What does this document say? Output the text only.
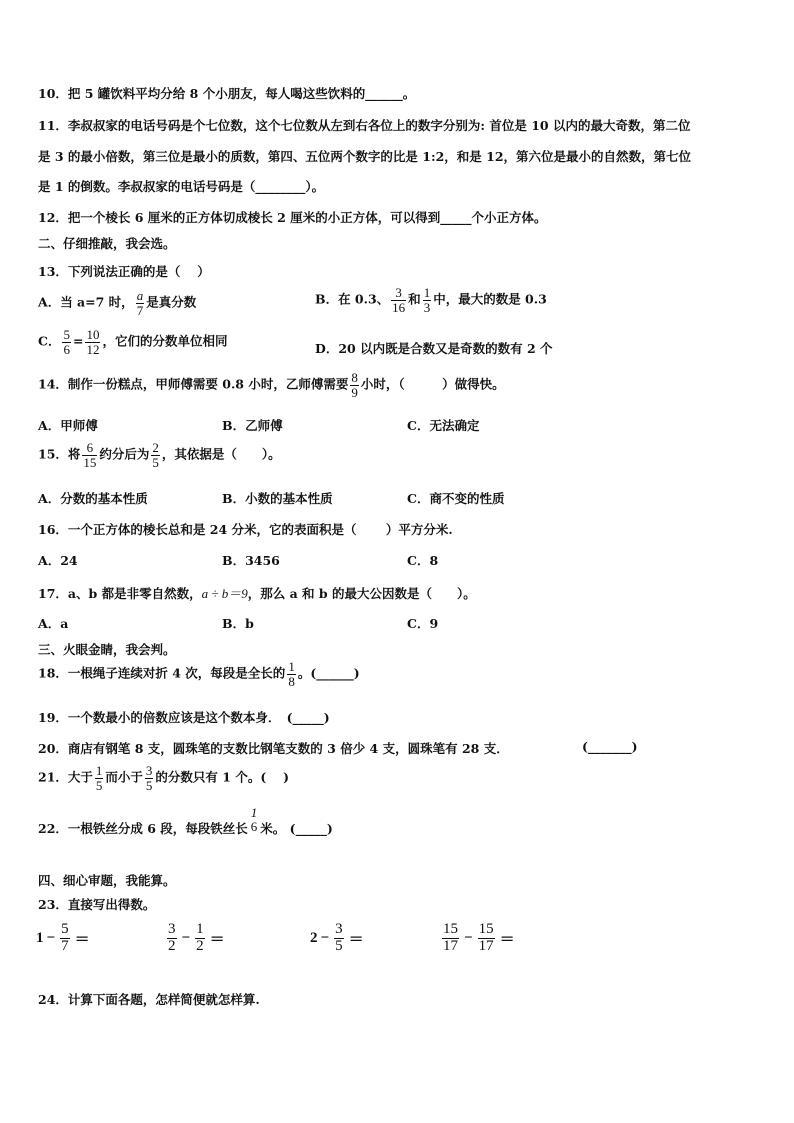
10．把 5 罐饮料平均分给 8 个小朋友，每人喝这些饮料的______。
11．李叔叔家的电话号码是个七位数，这个七位数从左到右各位上的数字分别为: 首位是 10 以内的最大奇数，第二位
是 3 的最小倍数，第三位是最小的质数，第四、五位两个数字的比是 1:2，和是 12，第六位是最小的自然数，第七位
是 1 的倒数。李叔叔家的电话号码是（________）。
12．把一个棱长 6 厘米的正方体切成棱长 2 厘米的小正方体，可以得到_____个小正方体。
二、仔细推敲，我会选。
13．下列说法正确的是（　 ）
A．当 a=7 时， $\frac{a}{7}$ 是真分数	B．在 0.3、 $\frac{3}{16}$ 和 $\frac{1}{3}$ 中，最大的数是 0.3
C． $\frac{5}{6} = \frac{10}{12}$ ，它们的分数单位相同	D．20 以内既是合数又是奇数的数有 2 个
14．制作一份糕点，甲师傅需要 0.8 小时，乙师傅需要 $\frac{8}{9}$ 小时，（　　　）做得快。
A．甲师傅	B．乙师傅	C．无法确定
15．将 $\frac{6}{15}$ 约分后为 $\frac{2}{5}$ ，其依据是（　　）。
A．分数的基本性质	B．小数的基本性质	C．商不变的性质
16．一个正方体的棱长总和是 24 分米，它的表面积是（　　 ）平方分米.
A．24	B．3456	C．8
17．a、b 都是非零自然数，a ÷ b＝9，那么 a 和 b 的最大公因数是（　　）。
A．a	B．b	C．9
三、火眼金睛，我会判。
18．一根绳子连续对折 4 次，每段是全长的 $\frac{1}{8}$ 。(______)
19．一个数最小的倍数应该是这个数本身．　(_____)
20．商店有钢笔 8 支，圆珠笔的支数比钢笔支数的 3 倍少 4 支，圆珠笔有 28 支．	(_______)
21．大于 $\frac{1}{5}$ 而小于 $\frac{3}{5}$ 的分数只有 1 个。(　 )
22．一根铁丝分成 6 段，每段铁丝长
1
6 米。 (_____)
四、细心审题，我能算。
23．直接写出得数。
$1 - \frac{5}{7}$ ＝	$\frac{3}{2} - \frac{1}{2}$ ＝	$2 - \frac{3}{5}$ ＝	$\frac{15}{17} - \frac{15}{17}$ ＝
24．计算下面各题，怎样简便就怎样算.
